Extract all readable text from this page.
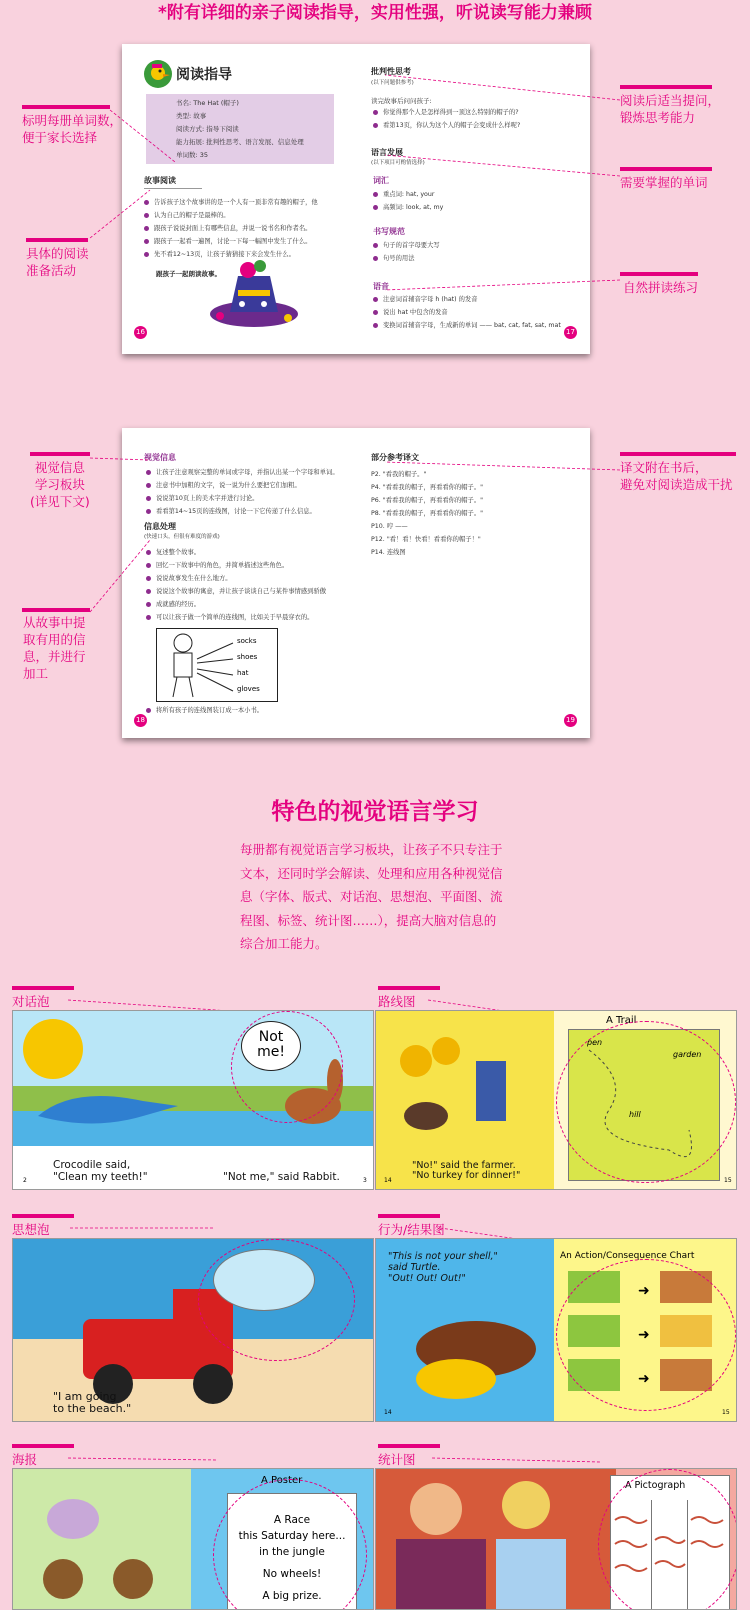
*附有详细的亲子阅读指导，实用性强，听说读写能力兼顾
阅读指导
书名: The Hat (帽子)
类型: 故事
阅读方式: 指导下阅读
能力拓展: 批判性思考、语言发展、信息处理
单词数: 35
故事阅读
告诉孩子这个故事讲的是一个人有一顶非常有趣的帽子，他
认为自己的帽子是最棒的。
跟孩子说说封面上有哪些信息，并说一说书名和作者名。
跟孩子一起看一遍图，讨论一下每一幅图中发生了什么。
先不看12~13页，让孩子猜猜接下来会发生什么。
跟孩子一起朗读故事。
16
批判性思考
(以下问题供参考)
读完故事后问问孩子:
你觉得那个人是怎样得到一顶这么特别的帽子的?
看第13页，你认为这个人的帽子会变成什么样呢?
语言发展
(以下项目可酌情选择)
词汇
重点词: hat, your
高频词: look, at, my
书写规范
句子的首字母要大写
句号的用法
语音
注意词首辅音字母 h (hat) 的发音
说出 hat 中包含的发音
变换词首辅音字母，生成新的单词 —— bat, cat, fat, sat, mat
17
标明每册单词数，
便于家长选择
具体的阅读
准备活动
阅读后适当提问，
锻炼思考能力
需要掌握的单词
自然拼读练习
视觉信息
让孩子注意观察完整的单词或字母，并指认出某一个字母和单词。
注意书中加粗的文字，说一说为什么要把它们加粗。
说说第10页上的美术字并进行讨论。
看看第14~15页的连线图，讨论一下它传递了什么信息。
信息处理
(快速口头，但很有难度的游戏)
复述整个故事。
回忆一下故事中的角色，并简单描述这些角色。
说说故事发生在什么地方。
说说这个故事的寓意，并让孩子谈谈自己与某件事情感到骄傲
成就感的经历。
可以让孩子做一个简单的连线图，比如关于早晨穿衣的。
socks
shoes
hat
gloves
将所有孩子的连线图装订成一本小书。
18
部分参考译文
P2. "看我的帽子。"
P4. "看看我的帽子，再看看你的帽子。"
P6. "看看我的帽子，再看看你的帽子。"
P8. "看看我的帽子，再看看你的帽子。"
P10. 哼 ——
P12. "看！看！快看！看看你的帽子！"
P14. 连线图
19
视觉信息
学习板块
(详见下文)
从故事中提
取有用的信
息，并进行
加工
译文附在书后，
避免对阅读造成干扰
特色的视觉语言学习
每册都有视觉语言学习板块，让孩子不只专注于
文本，还同时学会解读、处理和应用各种视觉信
息（字体、版式、对话泡、思想泡、平面图、流
程图、标签、统计图……），提高大脑对信息的
综合加工能力。
对话泡
Not
me!
Crocodile said,
"Clean my teeth!"	"Not me," said Rabbit.
2	3
路线图
"No!" said the farmer.
"No turkey for dinner!"
A Trail
pen
hill
garden
14	15
思想泡
"I am going
to the beach."
行为/结果图
"This is not your shell,"
said Turtle.
"Out! Out! Out!"
An Action/Consequence Chart
➜
➜
➜
14	15
海报
A Poster
A Race
this Saturday here...
in the jungle
No wheels!
A big prize.
统计图
A Pictograph
